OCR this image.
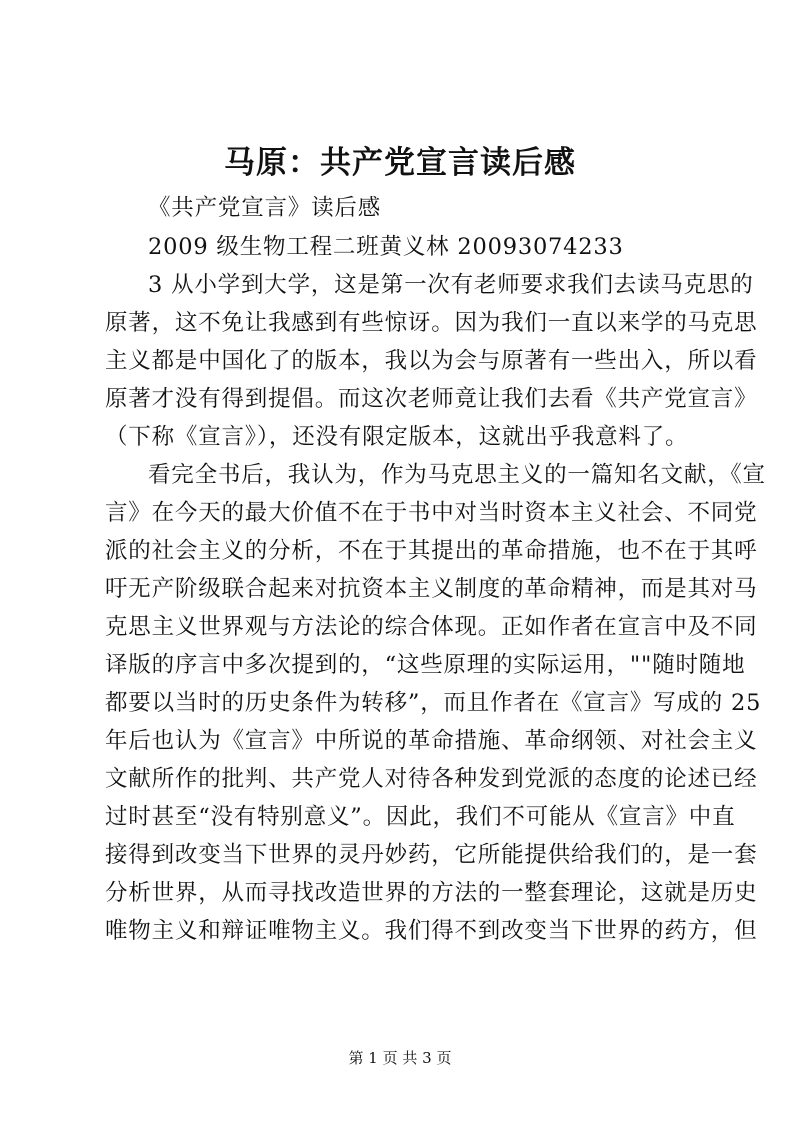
马原：共产党宣言读后感
《共产党宣言》读后感
2009 级生物工程二班黄义林 20093074233
3 从小学到大学，这是第一次有老师要求我们去读马克思的
原著，这不免让我感到有些惊讶。因为我们一直以来学的马克思
主义都是中国化了的版本，我以为会与原著有一些出入，所以看
原著才没有得到提倡。而这次老师竟让我们去看《共产党宣言》
（下称《宣言》），还没有限定版本，这就出乎我意料了。
看完全书后，我认为，作为马克思主义的一篇知名文献，《宣
言》在今天的最大价值不在于书中对当时资本主义社会、不同党
派的社会主义的分析，不在于其提出的革命措施，也不在于其呼
吁无产阶级联合起来对抗资本主义制度的革命精神，而是其对马
克思主义世界观与方法论的综合体现。正如作者在宣言中及不同
译版的序言中多次提到的，“这些原理的实际运用，""随时随地
都要以当时的历史条件为转移”，而且作者在《宣言》写成的 25
年后也认为《宣言》中所说的革命措施、革命纲领、对社会主义
文献所作的批判、共产党人对待各种发到党派的态度的论述已经
过时甚至“没有特别意义”。因此，我们不可能从《宣言》中直
接得到改变当下世界的灵丹妙药，它所能提供给我们的，是一套
分析世界，从而寻找改造世界的方法的一整套理论，这就是历史
唯物主义和辩证唯物主义。我们得不到改变当下世界的药方，但
第 1 页 共 3 页
